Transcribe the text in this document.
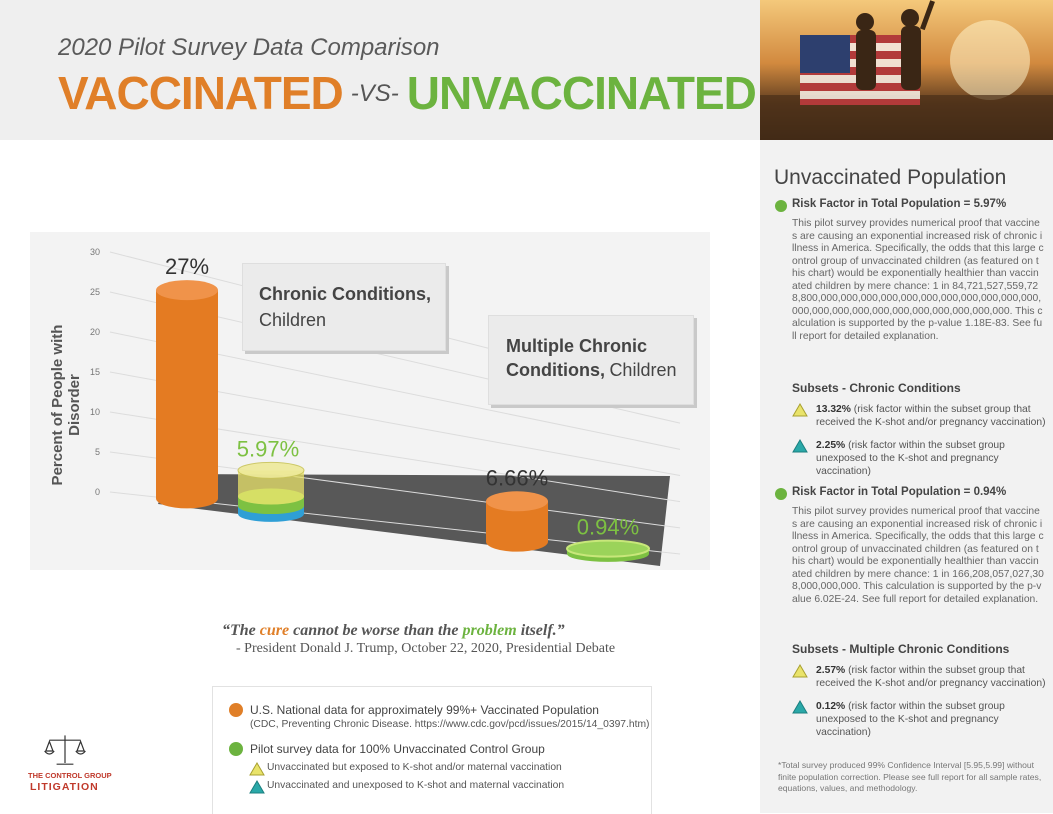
2020 Pilot Survey Data Comparison
VACCINATED -VS- UNVACCINATED
Percent of People with Disorder
0
5
10
15
20
25
30
27%
5.97%
6.66%
0.94%
Chronic Conditions,
Children
Multiple Chronic
Conditions, Children
“The cure cannot be worse than the problem itself.”
- President Donald J. Trump, October 22, 2020, Presidential Debate
U.S. National data for approximately 99%+ Vaccinated Population
(CDC, Preventing Chronic Disease. https://www.cdc.gov/pcd/issues/2015/14_0397.htm)
Pilot survey data for 100% Unvaccinated Control Group
Unvaccinated but exposed to K-shot and/or maternal vaccination
Unvaccinated and unexposed to K-shot and maternal vaccination
THE CONTROL GROUP
LITIGATION
Unvaccinated Population
Risk Factor in Total Population = 5.97%
This pilot survey provides numerical proof that vaccines are causing an exponential increased risk of chronic illness in America. Specifically, the odds that this large control group of unvaccinated children (as featured on this chart) would be exponentially healthier than vaccinated children by mere chance: 1 in 84,721,527,559,728,800,000,000,000,000,000,000,000,000,000,000,000,000,000,000,000,000,000,000,000,000,000,000. This calculation is supported by the p-value 1.18E-83. See full report for detailed explanation.
Subsets - Chronic Conditions
13.32% (risk factor within the subset group that received the K-shot and/or pregnancy vaccination)
2.25% (risk factor within the subset group unexposed to the K-shot and pregnancy vaccination)
Risk Factor in Total Population = 0.94%
This pilot survey provides numerical proof that vaccines are causing an exponential increased risk of chronic illness in America. Specifically, the odds that this large control group of unvaccinated children (as featured on this chart) would be exponentially healthier than vaccinated children by mere chance: 1 in 166,208,057,027,308,000,000,000. This calculation is supported by the p-value 6.02E-24. See full report for detailed explanation.
Subsets - Multiple Chronic Conditions
2.57% (risk factor within the subset group that received the K-shot and/or pregnancy vaccination)
0.12% (risk factor within the subset group unexposed to the K-shot and pregnancy vaccination)
*Total survey produced 99% Confidence Interval [5.95,5.99] without finite population correction. Please see full report for all sample rates, equations, values, and methodology.
